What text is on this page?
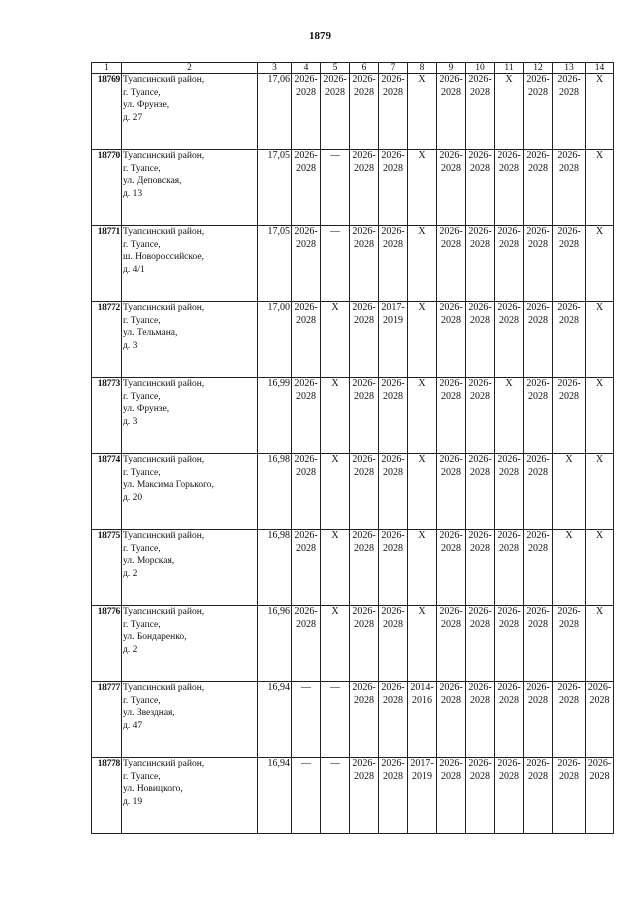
1879
1	2	3	4	5	6	7	8	9	10	11	12	13	14
18769	Туапсинский район,
г. Туапсе,
ул. Фрунзе,
д. 27	17,06	2026-
2028	2026-
2028	2026-
2028	2026-
2028	X	2026-
2028	2026-
2028	X	2026-
2028	2026-
2028	X
18770	Туапсинский район,
г. Туапсе,
ул. Деповская,
д. 13	17,05	2026-
2028	—	2026-
2028	2026-
2028	X	2026-
2028	2026-
2028	2026-
2028	2026-
2028	2026-
2028	X
18771	Туапсинский район,
г. Туапсе,
ш. Новороссийское,
д. 4/1	17,05	2026-
2028	—	2026-
2028	2026-
2028	X	2026-
2028	2026-
2028	2026-
2028	2026-
2028	2026-
2028	X
18772	Туапсинский район,
г. Туапсе,
ул. Тельмана,
д. 3	17,00	2026-
2028	X	2026-
2028	2017-
2019	X	2026-
2028	2026-
2028	2026-
2028	2026-
2028	2026-
2028	X
18773	Туапсинский район,
г. Туапсе,
ул. Фрунзе,
д. 3	16,99	2026-
2028	X	2026-
2028	2026-
2028	X	2026-
2028	2026-
2028	X	2026-
2028	2026-
2028	X
18774	Туапсинский район,
г. Туапсе,
ул. Максима Горького,
д. 20	16,98	2026-
2028	X	2026-
2028	2026-
2028	X	2026-
2028	2026-
2028	2026-
2028	2026-
2028	X	X
18775	Туапсинский район,
г. Туапсе,
ул. Морская,
д. 2	16,98	2026-
2028	X	2026-
2028	2026-
2028	X	2026-
2028	2026-
2028	2026-
2028	2026-
2028	X	X
18776	Туапсинский район,
г. Туапсе,
ул. Бондаренко,
д. 2	16,96	2026-
2028	X	2026-
2028	2026-
2028	X	2026-
2028	2026-
2028	2026-
2028	2026-
2028	2026-
2028	X
18777	Туапсинский район,
г. Туапсе,
ул. Звездная,
д. 47	16,94	—	—	2026-
2028	2026-
2028	2014-
2016	2026-
2028	2026-
2028	2026-
2028	2026-
2028	2026-
2028	2026-
2028
18778	Туапсинский район,
г. Туапсе,
ул. Новицкого,
д. 19	16,94	—	—	2026-
2028	2026-
2028	2017-
2019	2026-
2028	2026-
2028	2026-
2028	2026-
2028	2026-
2028	2026-
2028
